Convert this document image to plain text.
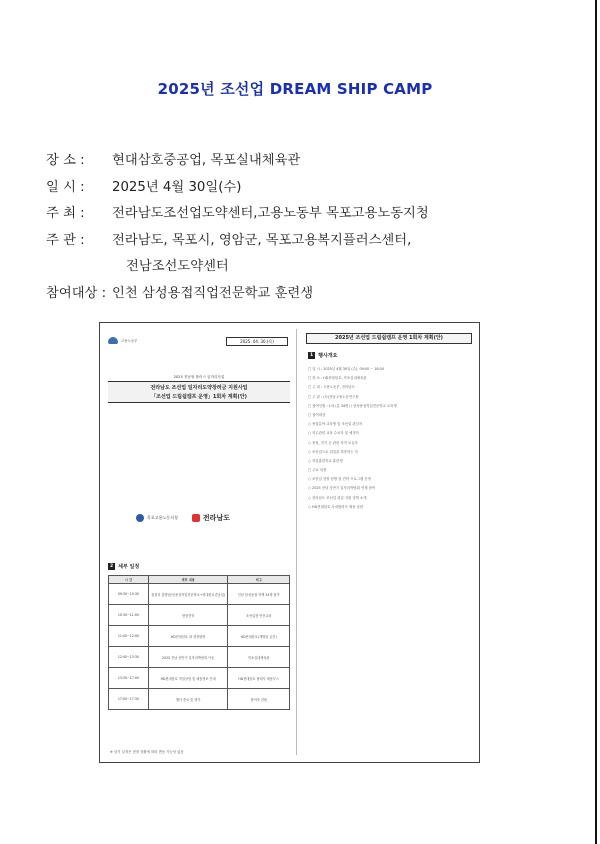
2025년 조선업 DREAM SHIP CAMP
장 소 :	현대삼호중공업, 목포실내체육관
일 시 :	2025년 4월 30일(수)
주 최 :	전라남도조선업도약센터,고용노동부 목포고용노동지청
주 관 :	전라남도, 목포시, 영암군, 목포고용복지플러스센터,
전남조선도약센터
참여대상 : 인천 삼성용접직업전문학교 훈련생
고용노동부	2025. 04. 30.(목)
2025 전남형 플러스 일자리사업
전라남도 조선업 일자리도약장려금 지원사업
「조선업 드림쉽캠프 운영」1회차 계획(안)
목포고용노동지청	전라남도
2	세부 일정
시 간	세부 내용	비고
09:30~10:30	집결지 출발(삼성용접직업전문학교→현대삼호중공업)	인천 삼성용접 학생 34명 참가
10:30~11:00	현장견학	조선업장 안전교육
11:00~12:00	HD현대삼호 내 현장탐방	HD현대삼호(개방된 공간)
12:00~13:30	2025 전남 상반기 일자리박람회 이동	목포실내체육관
13:30~17:00	HD현대삼호 직업상담 및 채용정보 안내	HD현대삼호 협력사 채용부스
17:00~17:30	행사 종료 및 귀가	참여자 전원
※ 상기 일정은 현장 상황에 따라 변동 가능성 있음
2025년 조선업 드림쉽캠프 운영 1회차 계획(안)
1	행사개요
□ 일 시 : 2025년 4월 30일 (수), 09:00 ~ 18:00
□ 장 소 : HD현대삼호, 목포실내체육관
□ 주 최 : 고용노동부, 전라남도
□ 주 관 : (사)전남고용노동연구원
□ 참여인원 : 1차 (총 34명) / 삼성용접직업전문학교 교육생
□ 참여대상
○ 용접분야 교육생 및 조선업 관심자
○ 직무관련 교육 수료자 및 예정자
○ 용접, 전기 등 관련 자격 보유자
○ 조선업으로 취업을 희망하는 자
○ 직업훈련학교 훈련생
□ 주요 내용
○ 조선업 현장 탐방 및 견학 프로그램 운영
○ 2025 전남 상반기 일자리박람회 연계 참여
○ 전라남도 조선업 취업 지원 정책 소개
○ HD현대삼호 사내협력사 채용 상담
